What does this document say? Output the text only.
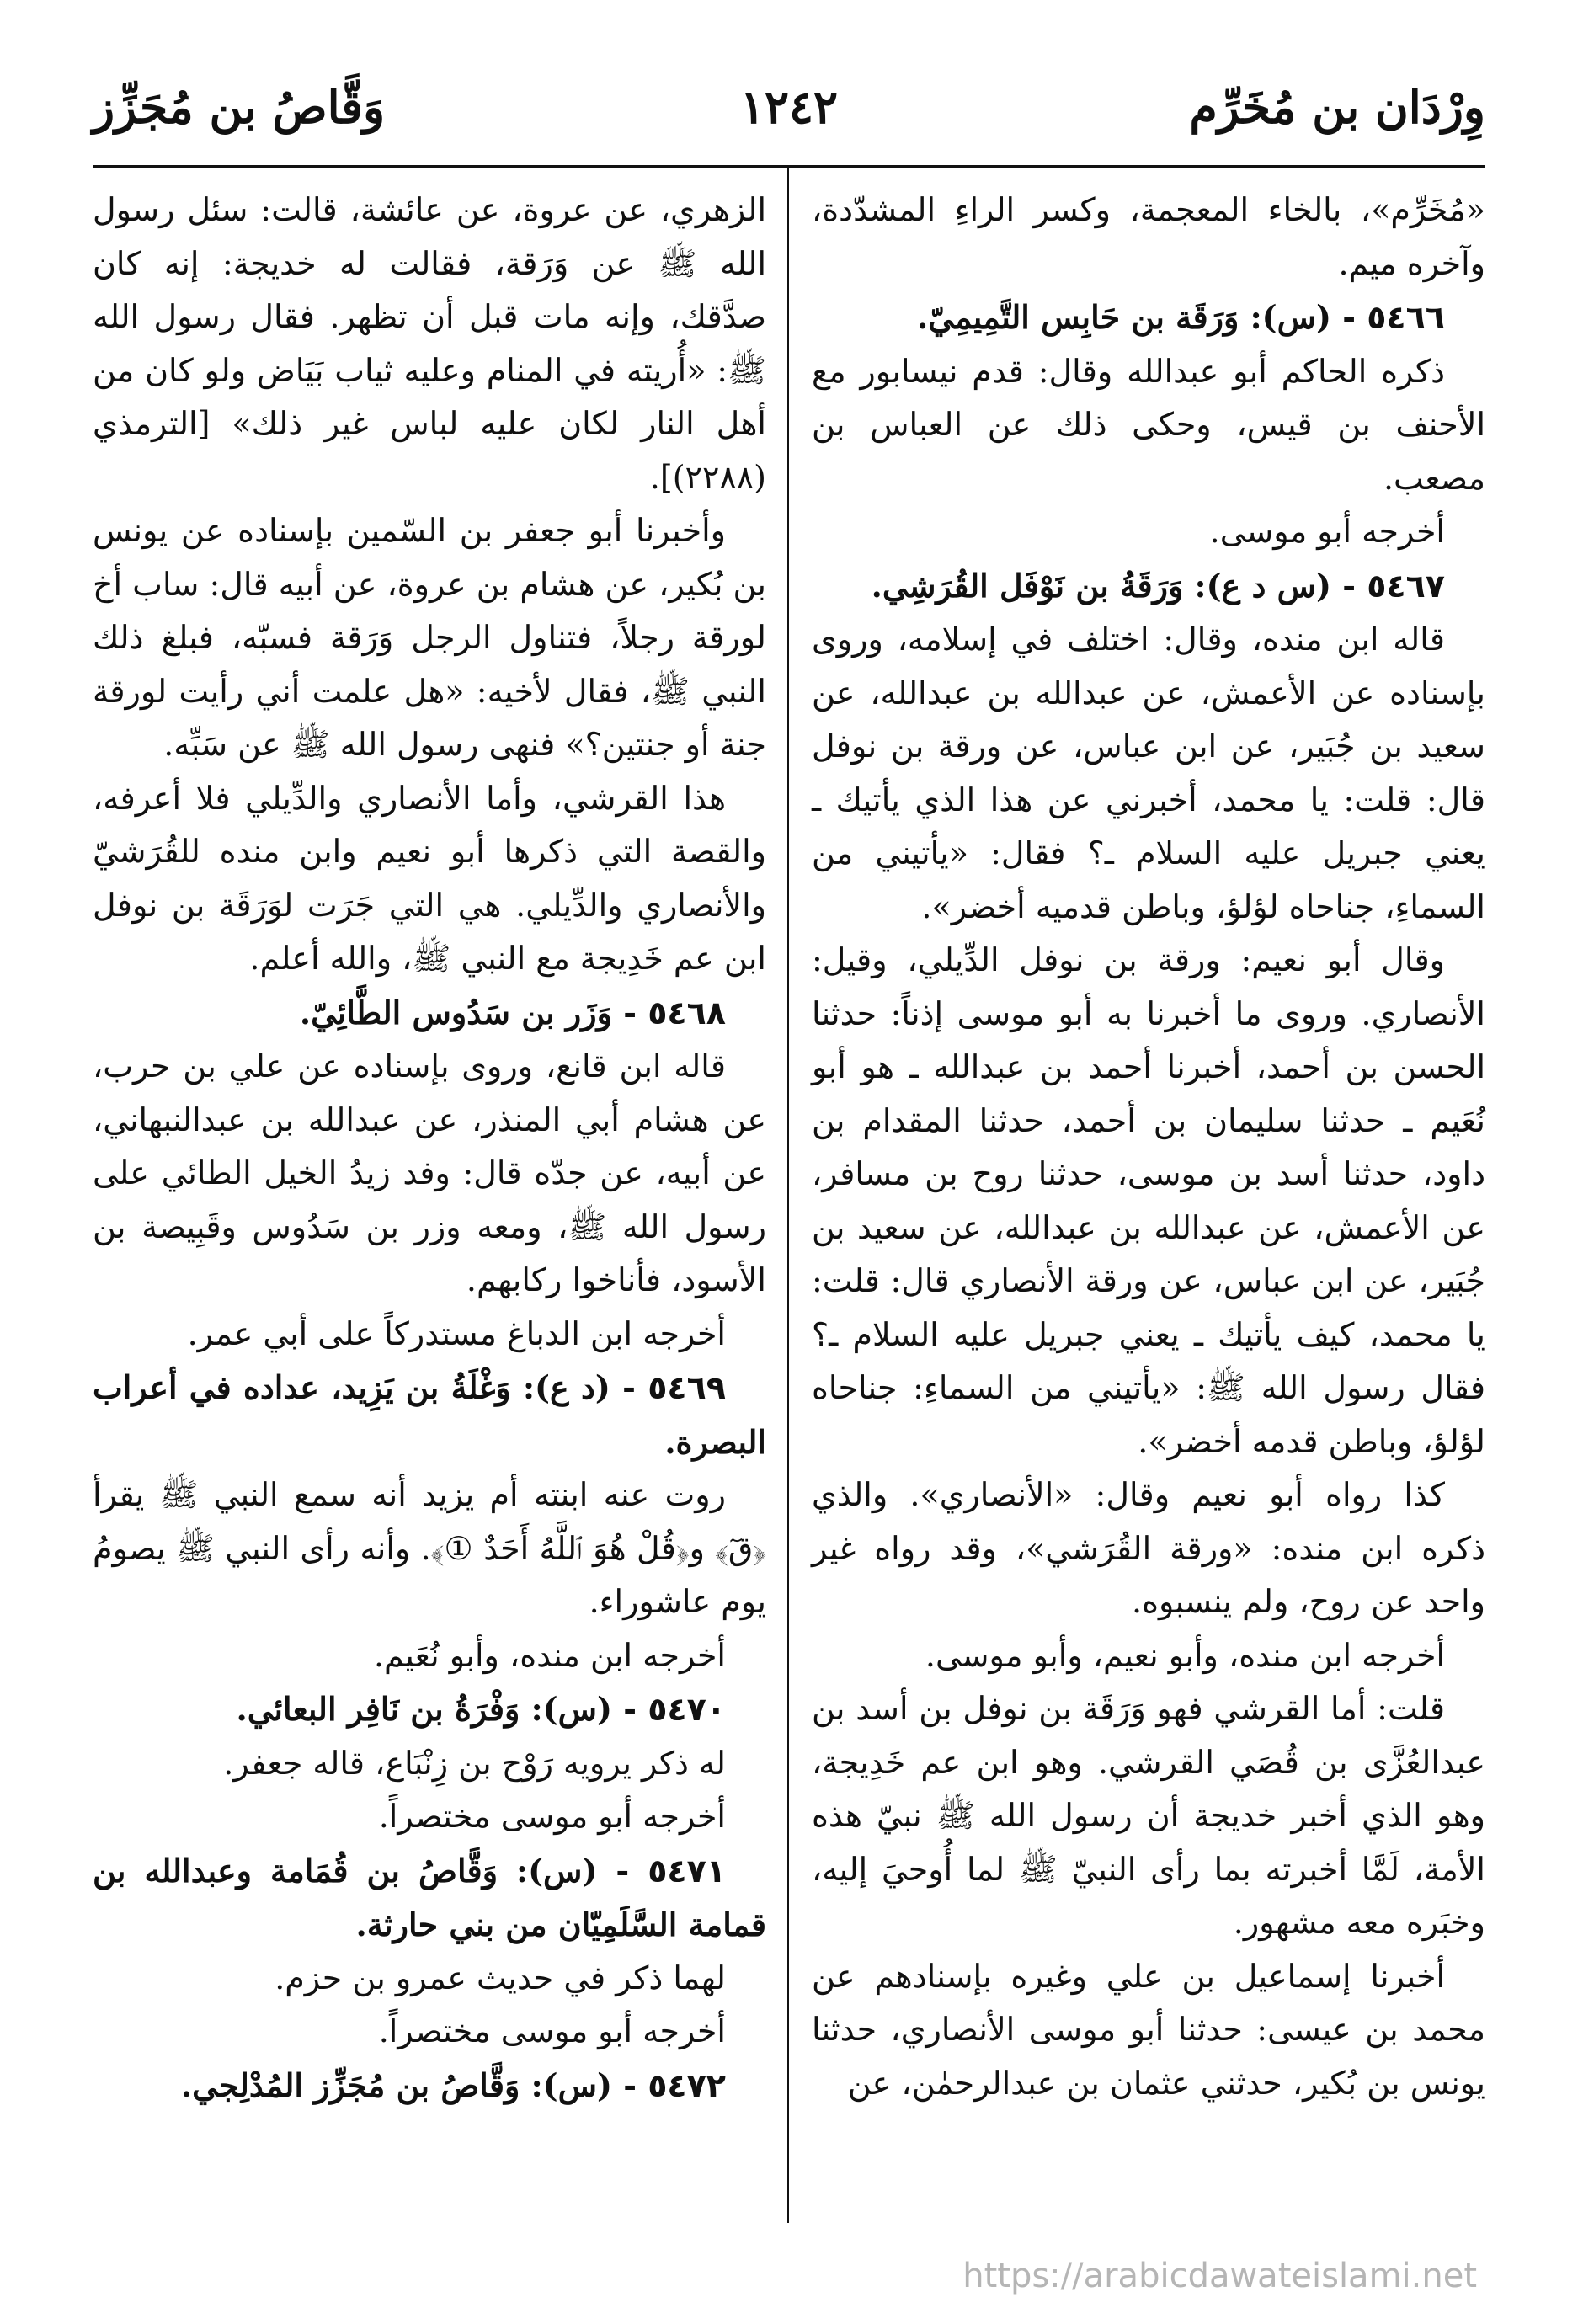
وِرْدَان بن مُخَرِّم
١٢٤٢
وَقَّاصُ بن مُجَزِّز

«مُخَرِّم»، بالخاء المعجمة، وكسر الراءِ المشدّدة، وآخره ميم.

٥٤٦٦ - (س): وَرَقَة بن حَابِس التَّمِيمِيّ.

ذكره الحاكم أبو عبدالله وقال: قدم نيسابور مع الأحنف بن قيس، وحكى ذلك عن العباس بن مصعب.

أخرجه أبو موسى.

٥٤٦٧ - (س د ع): وَرَقَةُ بن نَوْفَل القُرَشِي.

قاله ابن منده، وقال: اختلف في إسلامه، وروى بإسناده عن الأعمش، عن عبدالله بن عبدالله، عن سعيد بن جُبَير، عن ابن عباس، عن ورقة بن نوفل قال: قلت: يا محمد، أخبرني عن هذا الذي يأتيك ـ يعني جبريل عليه السلام ـ؟ فقال: «يأتيني من السماءِ، جناحاه لؤلؤ، وباطن قدميه أخضر».

وقال أبو نعيم: ورقة بن نوفل الدِّيلي، وقيل: الأنصاري. وروى ما أخبرنا به أبو موسى إذناً: حدثنا الحسن بن أحمد، أخبرنا أحمد بن عبدالله ـ هو أبو نُعَيم ـ حدثنا سليمان بن أحمد، حدثنا المقدام بن داود، حدثنا أسد بن موسى، حدثنا روح بن مسافر، عن الأعمش، عن عبدالله بن عبدالله، عن سعيد بن جُبَير، عن ابن عباس، عن ورقة الأنصاري قال: قلت: يا محمد، كيف يأتيك ـ يعني جبريل عليه السلام ـ؟ فقال رسول الله ﷺ: «يأتيني من السماءِ: جناحاه لؤلؤ، وباطن قدمه أخضر».

كذا رواه أبو نعيم وقال: «الأنصاري». والذي ذكره ابن منده: «ورقة القُرَشي»، وقد رواه غير واحد عن روح، ولم ينسبوه.

أخرجه ابن منده، وأبو نعيم، وأبو موسى.

قلت: أما القرشي فهو وَرَقَة بن نوفل بن أسد بن عبدالعُزَّى بن قُصَي القرشي. وهو ابن عم خَدِيجة، وهو الذي أخبر خديجة أن رسول الله ﷺ نبيّ هذه الأمة، لَمَّا أخبرته بما رأى النبيّ ﷺ لما أُوحيَ إليه، وخبَره معه مشهور.

أخبرنا إسماعيل بن علي وغيره بإسنادهم عن محمد بن عيسى: حدثنا أبو موسى الأنصاري، حدثنا يونس بن بُكير، حدثني عثمان بن عبدالرحمٰن، عن

الزهري، عن عروة، عن عائشة، قالت: سئل رسول الله ﷺ عن وَرَقة، فقالت له خديجة: إنه كان صدَّقك، وإنه مات قبل أن تظهر. فقال رسول الله ﷺ: «أُريته في المنام وعليه ثياب بَيَاض ولو كان من أهل النار لكان عليه لباس غير ذلك» [الترمذي (٢٢٨٨)].

وأخبرنا أبو جعفر بن السّمين بإسناده عن يونس بن بُكير، عن هشام بن عروة، عن أبيه قال: ساب أخ لورقة رجلاً، فتناول الرجل وَرَقة فسبّه، فبلغ ذلك النبي ﷺ، فقال لأخيه: «هل علمت أني رأيت لورقة جنة أو جنتين؟» فنهى رسول الله ﷺ عن سَبِّه.

هذا القرشي، وأما الأنصاري والدِّيلي فلا أعرفه، والقصة التي ذكرها أبو نعيم وابن منده للقُرَشيّ والأنصاري والدِّيلي. هي التي جَرَت لوَرَقَة بن نوفل ابن عم خَدِيجة مع النبي ﷺ، والله أعلم.

٥٤٦٨ - وَزَر بن سَدُوس الطَّائِيّ.

قاله ابن قانع، وروى بإسناده عن علي بن حرب، عن هشام أبي المنذر، عن عبدالله بن عبدالنبهاني، عن أبيه، عن جدّه قال: وفد زيدُ الخيل الطائي على رسول الله ﷺ، ومعه وزر بن سَدُوس وقَبِيصة بن الأسود، فأناخوا ركابهم.

أخرجه ابن الدباغ مستدركاً على أبي عمر.

٥٤٦٩ - (د ع): وَغْلَةُ بن يَزِيد، عداده في أعراب البصرة.

روت عنه ابنته أم يزيد أنه سمع النبي ﷺ يقرأ ﴿قٓ﴾ و﴿قُلْ هُوَ ٱللَّهُ أَحَدٌ ①﴾. وأنه رأى النبي ﷺ يصومُ يوم عاشوراء.

أخرجه ابن منده، وأبو نُعَيم.

٥٤٧٠ - (س): وَفْرَةُ بن نَافِر البعائي.

له ذكر يرويه رَوْح بن زِنْبَاع، قاله جعفر.

أخرجه أبو موسى مختصراً.

٥٤٧١ - (س): وَقَّاصُ بن قُمَامة وعبدالله بن قمامة السَّلَمِيّان من بني حارثة.

لهما ذكر في حديث عمرو بن حزم.

أخرجه أبو موسى مختصراً.

٥٤٧٢ - (س): وَقَّاصُ بن مُجَزِّز المُدْلِجي.

https://arabicdawateislami.net
